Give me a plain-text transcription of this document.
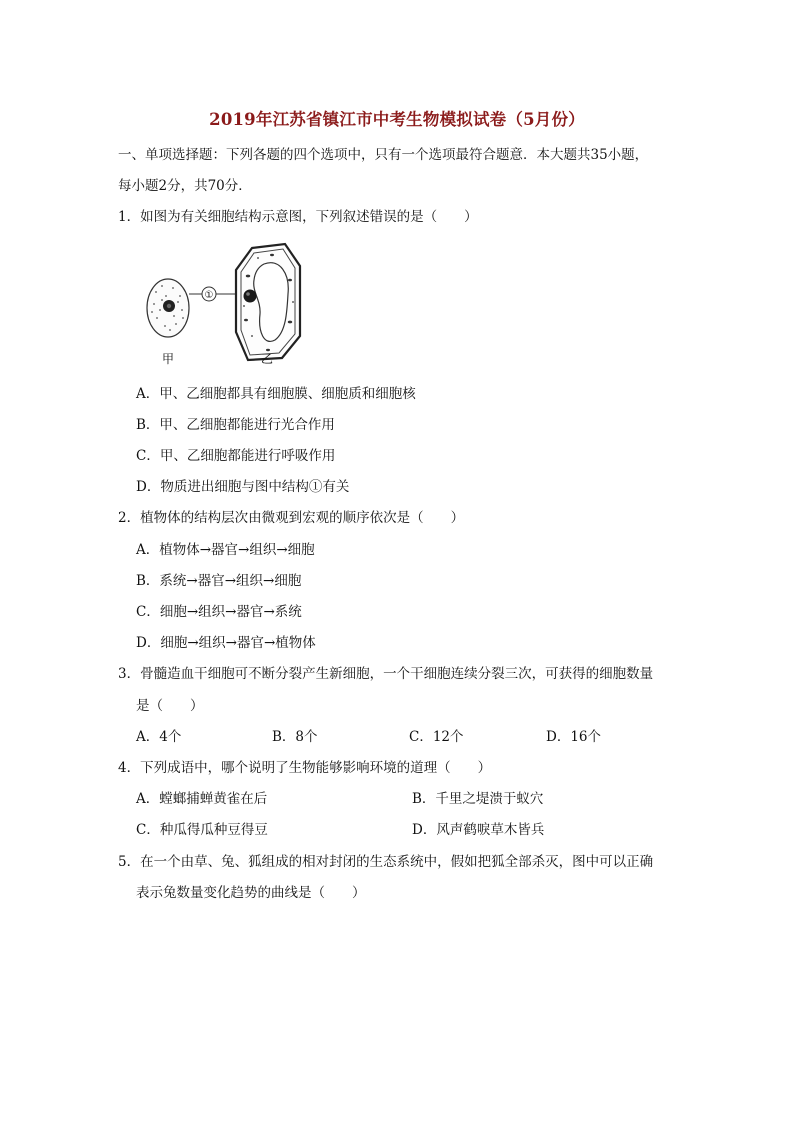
2019年江苏省镇江市中考生物模拟试卷（5月份）
一、单项选择题：下列各题的四个选项中，只有一个选项最符合题意．本大题共35小题，
每小题2分，共70分．
1．如图为有关细胞结构示意图，下列叙述错误的是（　　）
①
甲	乙
A．甲、乙细胞都具有细胞膜、细胞质和细胞核
B．甲、乙细胞都能进行光合作用
C．甲、乙细胞都能进行呼吸作用
D．物质进出细胞与图中结构①有关
2．植物体的结构层次由微观到宏观的顺序依次是（　　）
A．植物体→器官→组织→细胞
B．系统→器官→组织→细胞
C．细胞→组织→器官→系统
D．细胞→组织→器官→植物体
3．骨髓造血干细胞可不断分裂产生新细胞，一个干细胞连续分裂三次，可获得的细胞数量
是（　　）
A．4个	B．8个	C．12个	D．16个
4．下列成语中，哪个说明了生物能够影响环境的道理（　　）
A．螳螂捕蝉黄雀在后	B．千里之堤溃于蚁穴
C．种瓜得瓜种豆得豆	D．风声鹤唳草木皆兵
5．在一个由草、兔、狐组成的相对封闭的生态系统中，假如把狐全部杀灭，图中可以正确
表示兔数量变化趋势的曲线是（　　）
